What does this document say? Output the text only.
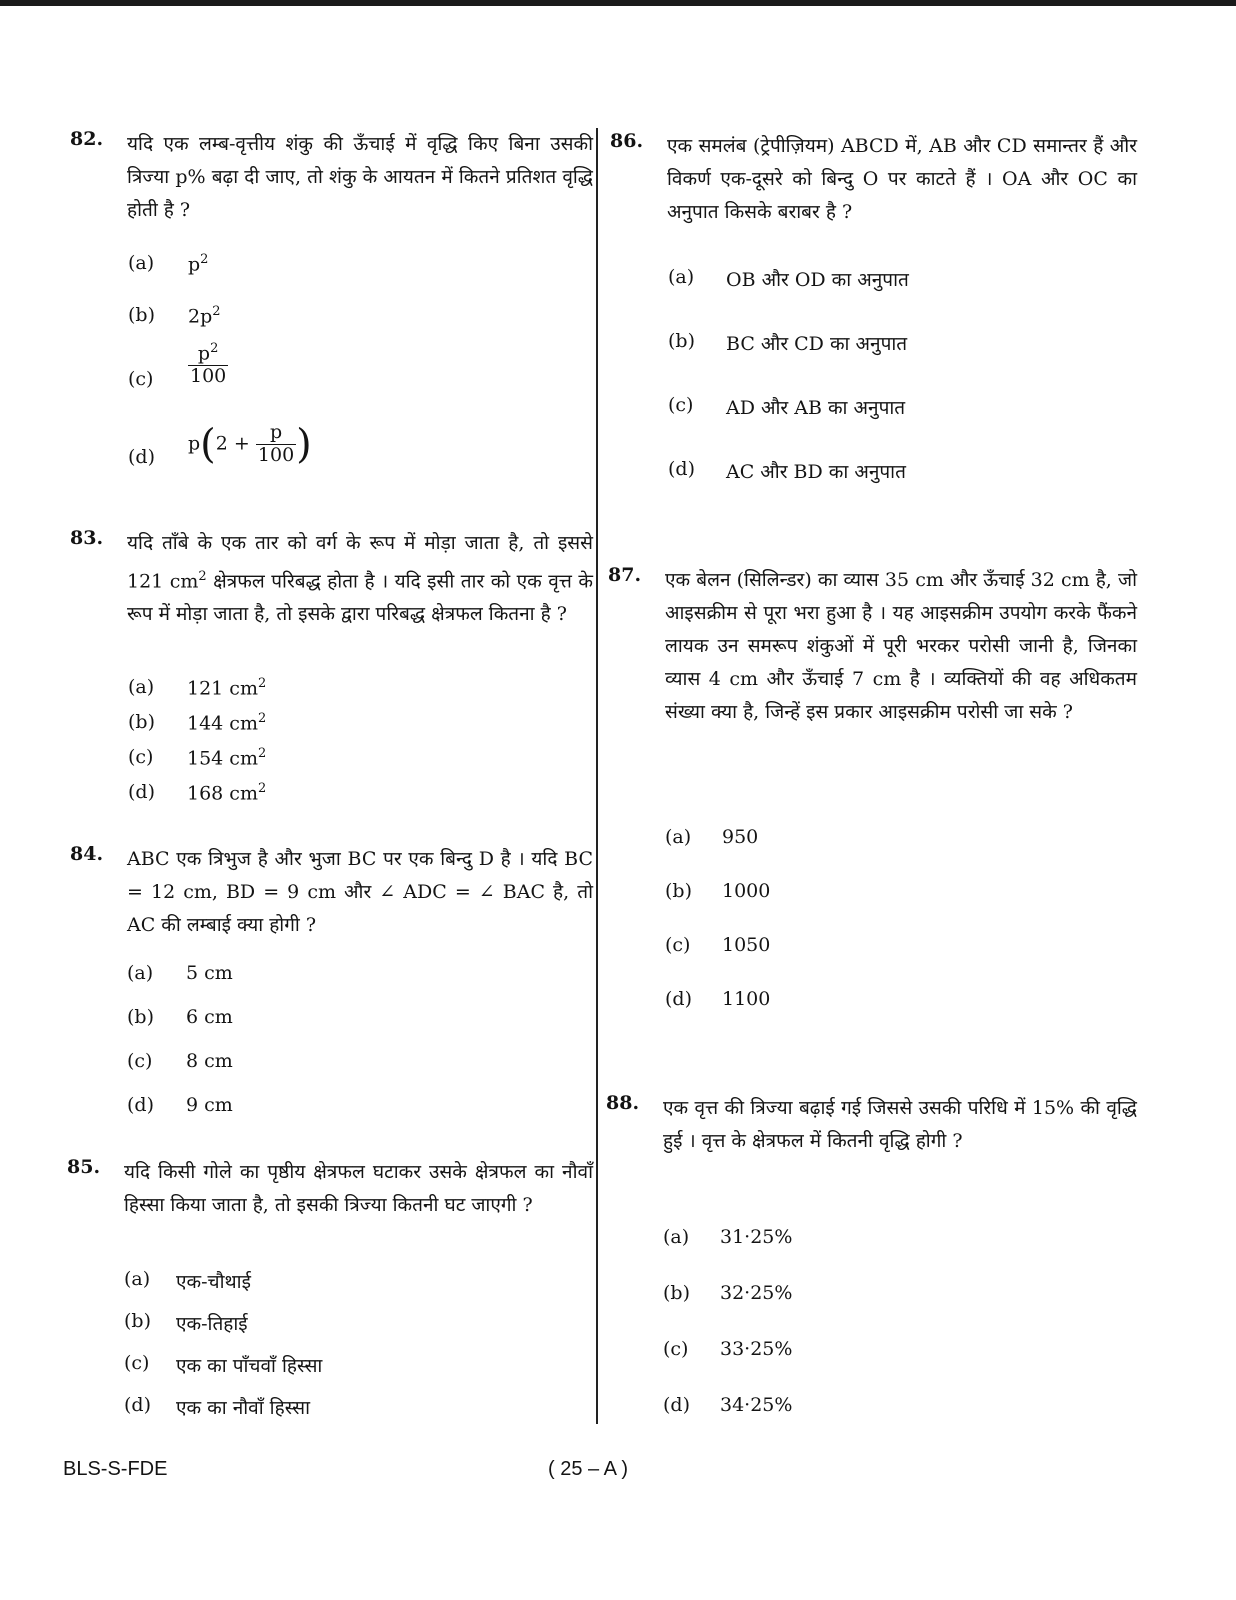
82. यदि एक लम्ब-वृत्तीय शंकु की ऊँचाई में वृद्धि किए बिना उसकी त्रिज्या p% बढ़ा दी जाए, तो शंकु के आयतन में कितने प्रतिशत वृद्धि होती है ?
(a) $p^2$
(b) $2p^2$
$(c) \frac{p^2}{100}$
(d)
$p(2 + \frac{p}{100}$ )
83. यदि ताँबे के एक तार को वर्ग के रूप में मोड़ा जाता है, तो इससे 121 $cm^2$ क्षेत्रफल परिबद्ध होता है । यदि इसी तार को एक वृत्त के रूप में मोड़ा जाता है, तो इसके द्वारा परिबद्ध क्षेत्रफल कितना है ?
(a) 121 $cm^2$
(b) 144 $cm^2$
(c) 154 $cm^2$
(d) 168 $cm^2$
84. ABC एक त्रिभुज है और भुजा BC पर एक बिन्दु D है । यदि BC = 12 cm, BD = 9 cm और ∠ ADC = ∠ BAC है, तो AC की लम्बाई क्या होगी ?
(a) 5 cm
(b) 6 cm
(c) 8 cm
(d) 9 cm
85. यदि किसी गोले का पृष्ठीय क्षेत्रफल घटाकर उसके क्षेत्रफल का नौवाँ हिस्सा किया जाता है, तो इसकी त्रिज्या कितनी घट जाएगी ?
(a) एक-चौथाई
(b) एक-तिहाई
(c) एक का पाँचवाँ हिस्सा
(d) एक का नौवाँ हिस्सा
86. एक समलंब (ट्रेपीज़ियम) ABCD में, AB और CD समान्तर हैं और विकर्ण एक-दूसरे को बिन्दु O पर काटते हैं । OA और OC का अनुपात किसके बराबर है ?
(a) OB और OD का अनुपात
(b) BC और CD का अनुपात
(c) AD और AB का अनुपात
(d) AC और BD का अनुपात
87. एक बेलन (सिलिन्डर) का व्यास 35 cm और ऊँचाई 32 cm है, जो आइसक्रीम से पूरा भरा हुआ है । यह आइसक्रीम उपयोग करके फैंकने लायक उन समरूप शंकुओं में पूरी भरकर परोसी जानी है, जिनका व्यास 4 cm और ऊँचाई 7 cm है । व्यक्तियों की वह अधिकतम संख्या क्या है, जिन्हें इस प्रकार आइसक्रीम परोसी जा सके ?
(a) 950
(b) 1000
(c) 1050
(d) 1100
88. एक वृत्त की त्रिज्या बढ़ाई गई जिससे उसकी परिधि में 15% की वृद्धि हुई । वृत्त के क्षेत्रफल में कितनी वृद्धि होगी ?
(a) 31·25%
(b) 32·25%
(c) 33·25%
(d) 34·25%
BLS-S-FDE	( 25 – A )
